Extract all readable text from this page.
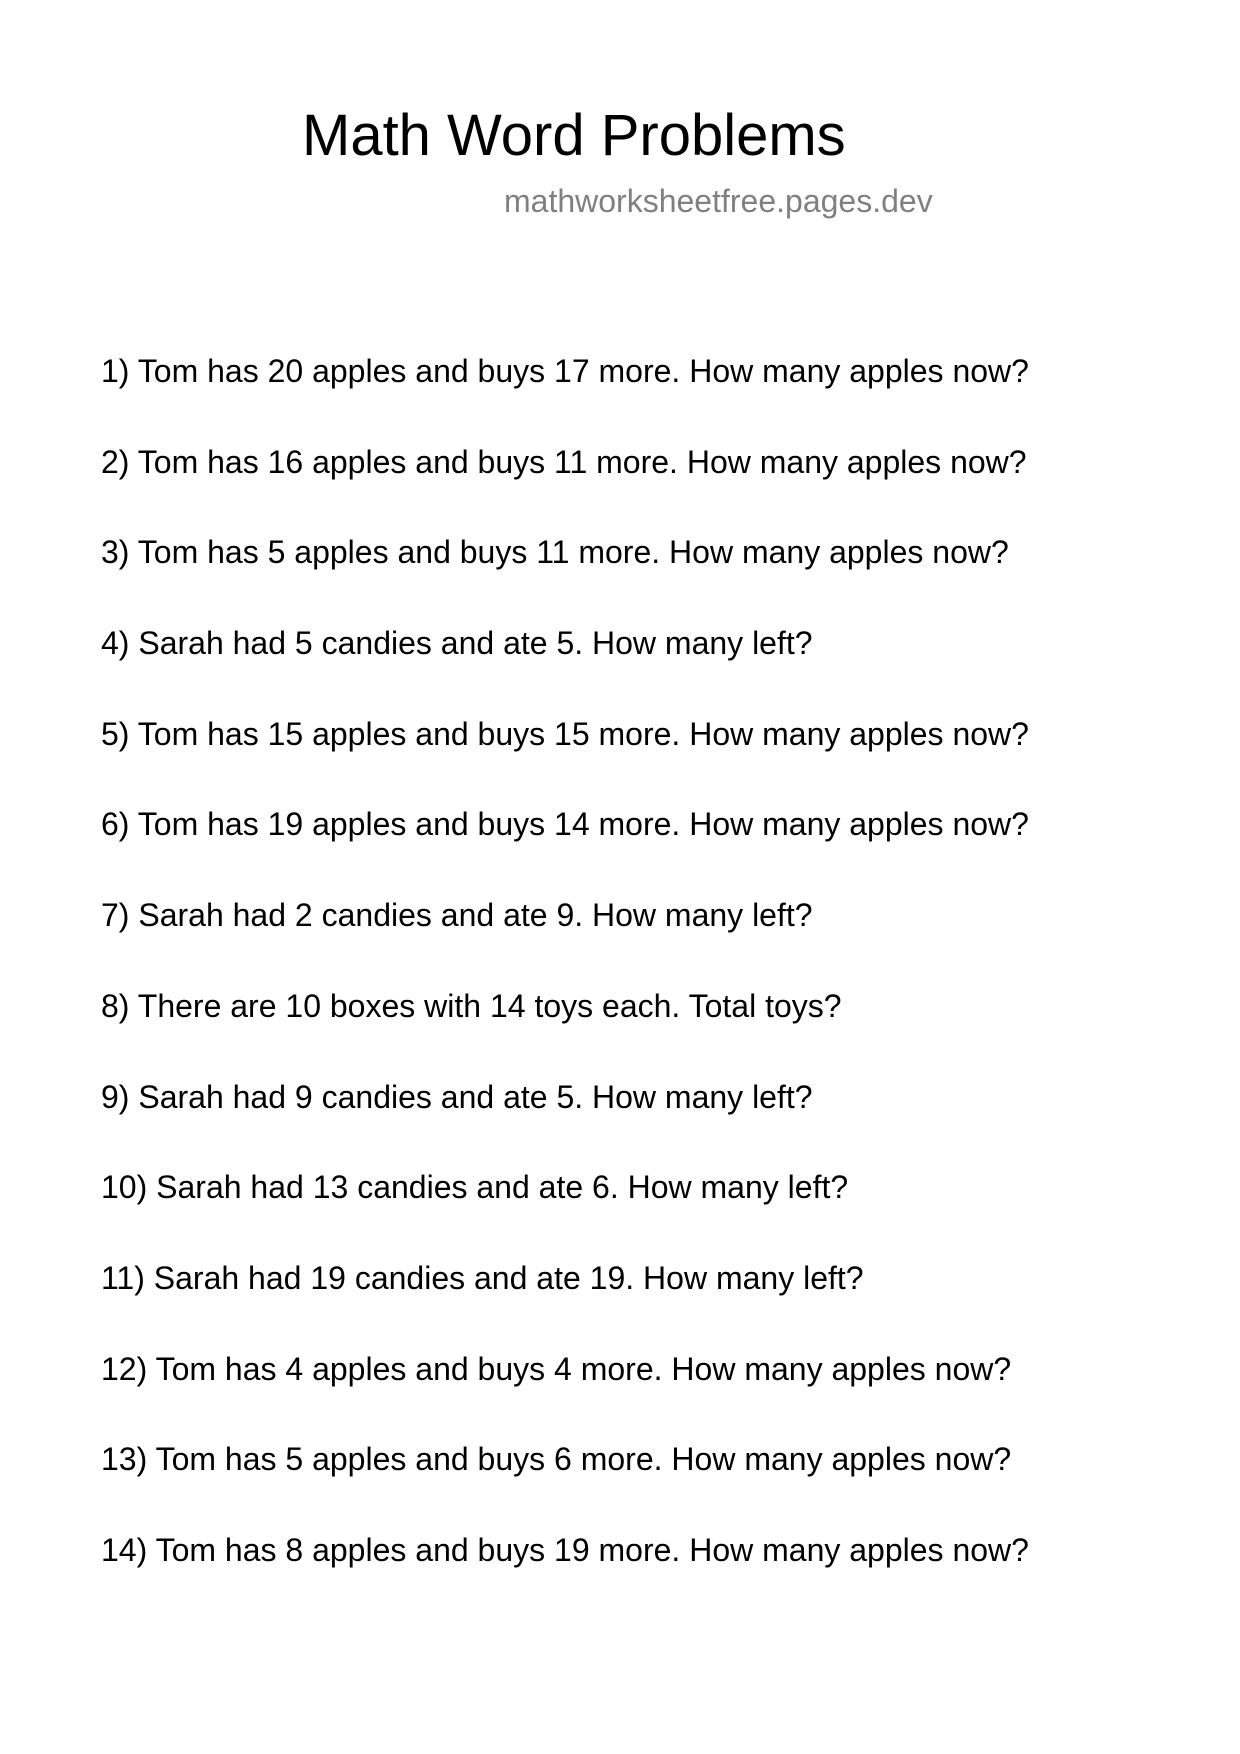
Math Word Problems
mathworksheetfree.pages.dev
1) Tom has 20 apples and buys 17 more. How many apples now?
2) Tom has 16 apples and buys 11 more. How many apples now?
3) Tom has 5 apples and buys 11 more. How many apples now?
4) Sarah had 5 candies and ate 5. How many left?
5) Tom has 15 apples and buys 15 more. How many apples now?
6) Tom has 19 apples and buys 14 more. How many apples now?
7) Sarah had 2 candies and ate 9. How many left?
8) There are 10 boxes with 14 toys each. Total toys?
9) Sarah had 9 candies and ate 5. How many left?
10) Sarah had 13 candies and ate 6. How many left?
11) Sarah had 19 candies and ate 19. How many left?
12) Tom has 4 apples and buys 4 more. How many apples now?
13) Tom has 5 apples and buys 6 more. How many apples now?
14) Tom has 8 apples and buys 19 more. How many apples now?
